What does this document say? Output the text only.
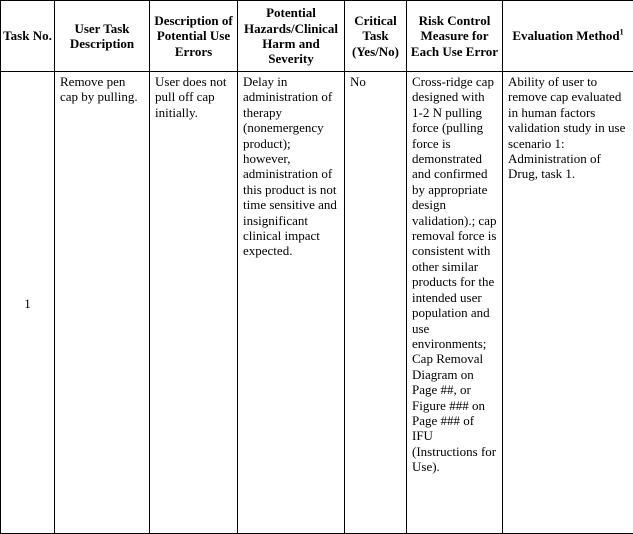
Task No.	User Task Description	Description of Potential Use Errors	Potential Hazards/Clinical Harm and Severity	Critical Task (Yes/No)	Risk Control Measure for Each Use Error	Evaluation Method$^1$
1	Remove pen cap by pulling.	User does not pull off cap initially.	Delay in administration of therapy (nonemergency product); however, administration of this product is not time sensitive and insignificant clinical impact expected.	No	Cross-ridge cap designed with 1-2 N pulling force (pulling force is demonstrated and confirmed by appropriate design validation).; cap removal force is consistent with other similar products for the intended user population and use environments; Cap Removal Diagram on Page ##, or Figure ### on Page ### of IFU (Instructions for Use).	Ability of user to remove cap evaluated in human factors validation study in use scenario 1: Administration of Drug, task 1.
